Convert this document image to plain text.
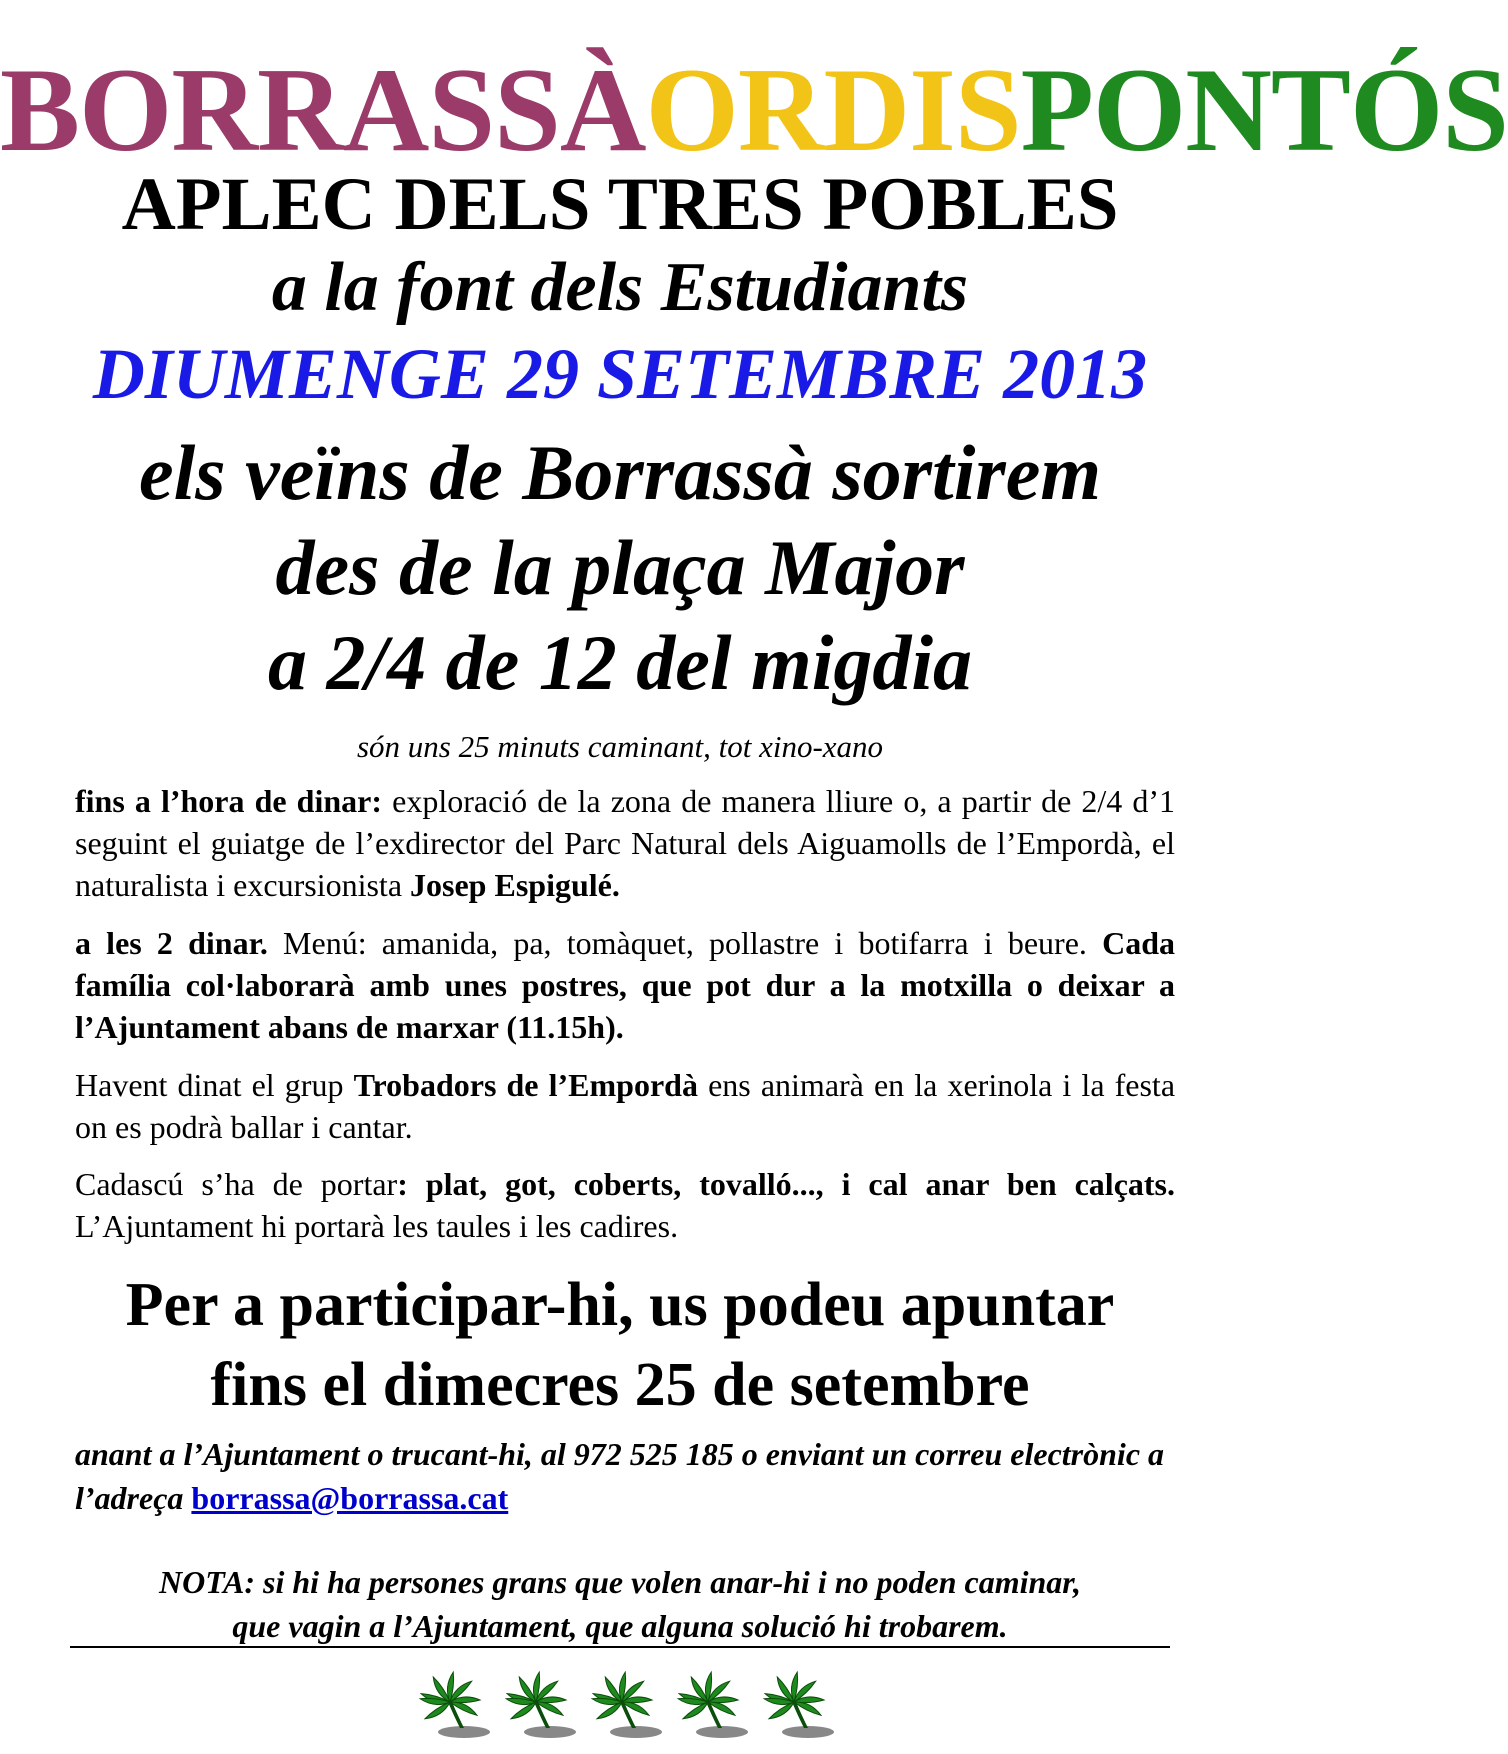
BORRASSÀORDISPONTÓS
APLEC DELS TRES POBLES
a la font dels Estudiants
DIUMENGE 29 SETEMBRE 2013
els veïns de Borrassà sortirem
des de la plaça Major
a 2/4 de 12 del migdia
són uns 25 minuts caminant, tot xino-xano
fins a l’hora de dinar: exploració de la zona de manera lliure o, a partir de 2/4 d’1 seguint el guiatge de l’exdirector del Parc Natural dels Aiguamolls de l’Empordà, el naturalista i excursionista Josep Espigulé.
a les 2 dinar. Menú: amanida, pa, tomàquet, pollastre i botifarra i beure. Cada família col·laborarà amb unes postres, que pot dur a la motxilla o deixar a l’Ajuntament abans de marxar (11.15h).
Havent dinat el grup Trobadors de l’Empordà ens animarà en la xerinola i la festa on es podrà ballar i cantar.
Cadascú s’ha de portar: plat, got, coberts, tovalló..., i cal anar ben calçats. L’Ajuntament hi portarà les taules i les cadires.
Per a participar-hi, us podeu apuntar
fins el dimecres 25 de setembre
anant a l’Ajuntament o trucant-hi, al 972 525 185 o enviant un correu electrònic a l’adreça borrassa@borrassa.cat
NOTA: si hi ha persones grans que volen anar-hi i no poden caminar,
que vagin a l’Ajuntament, que alguna solució hi trobarem.
